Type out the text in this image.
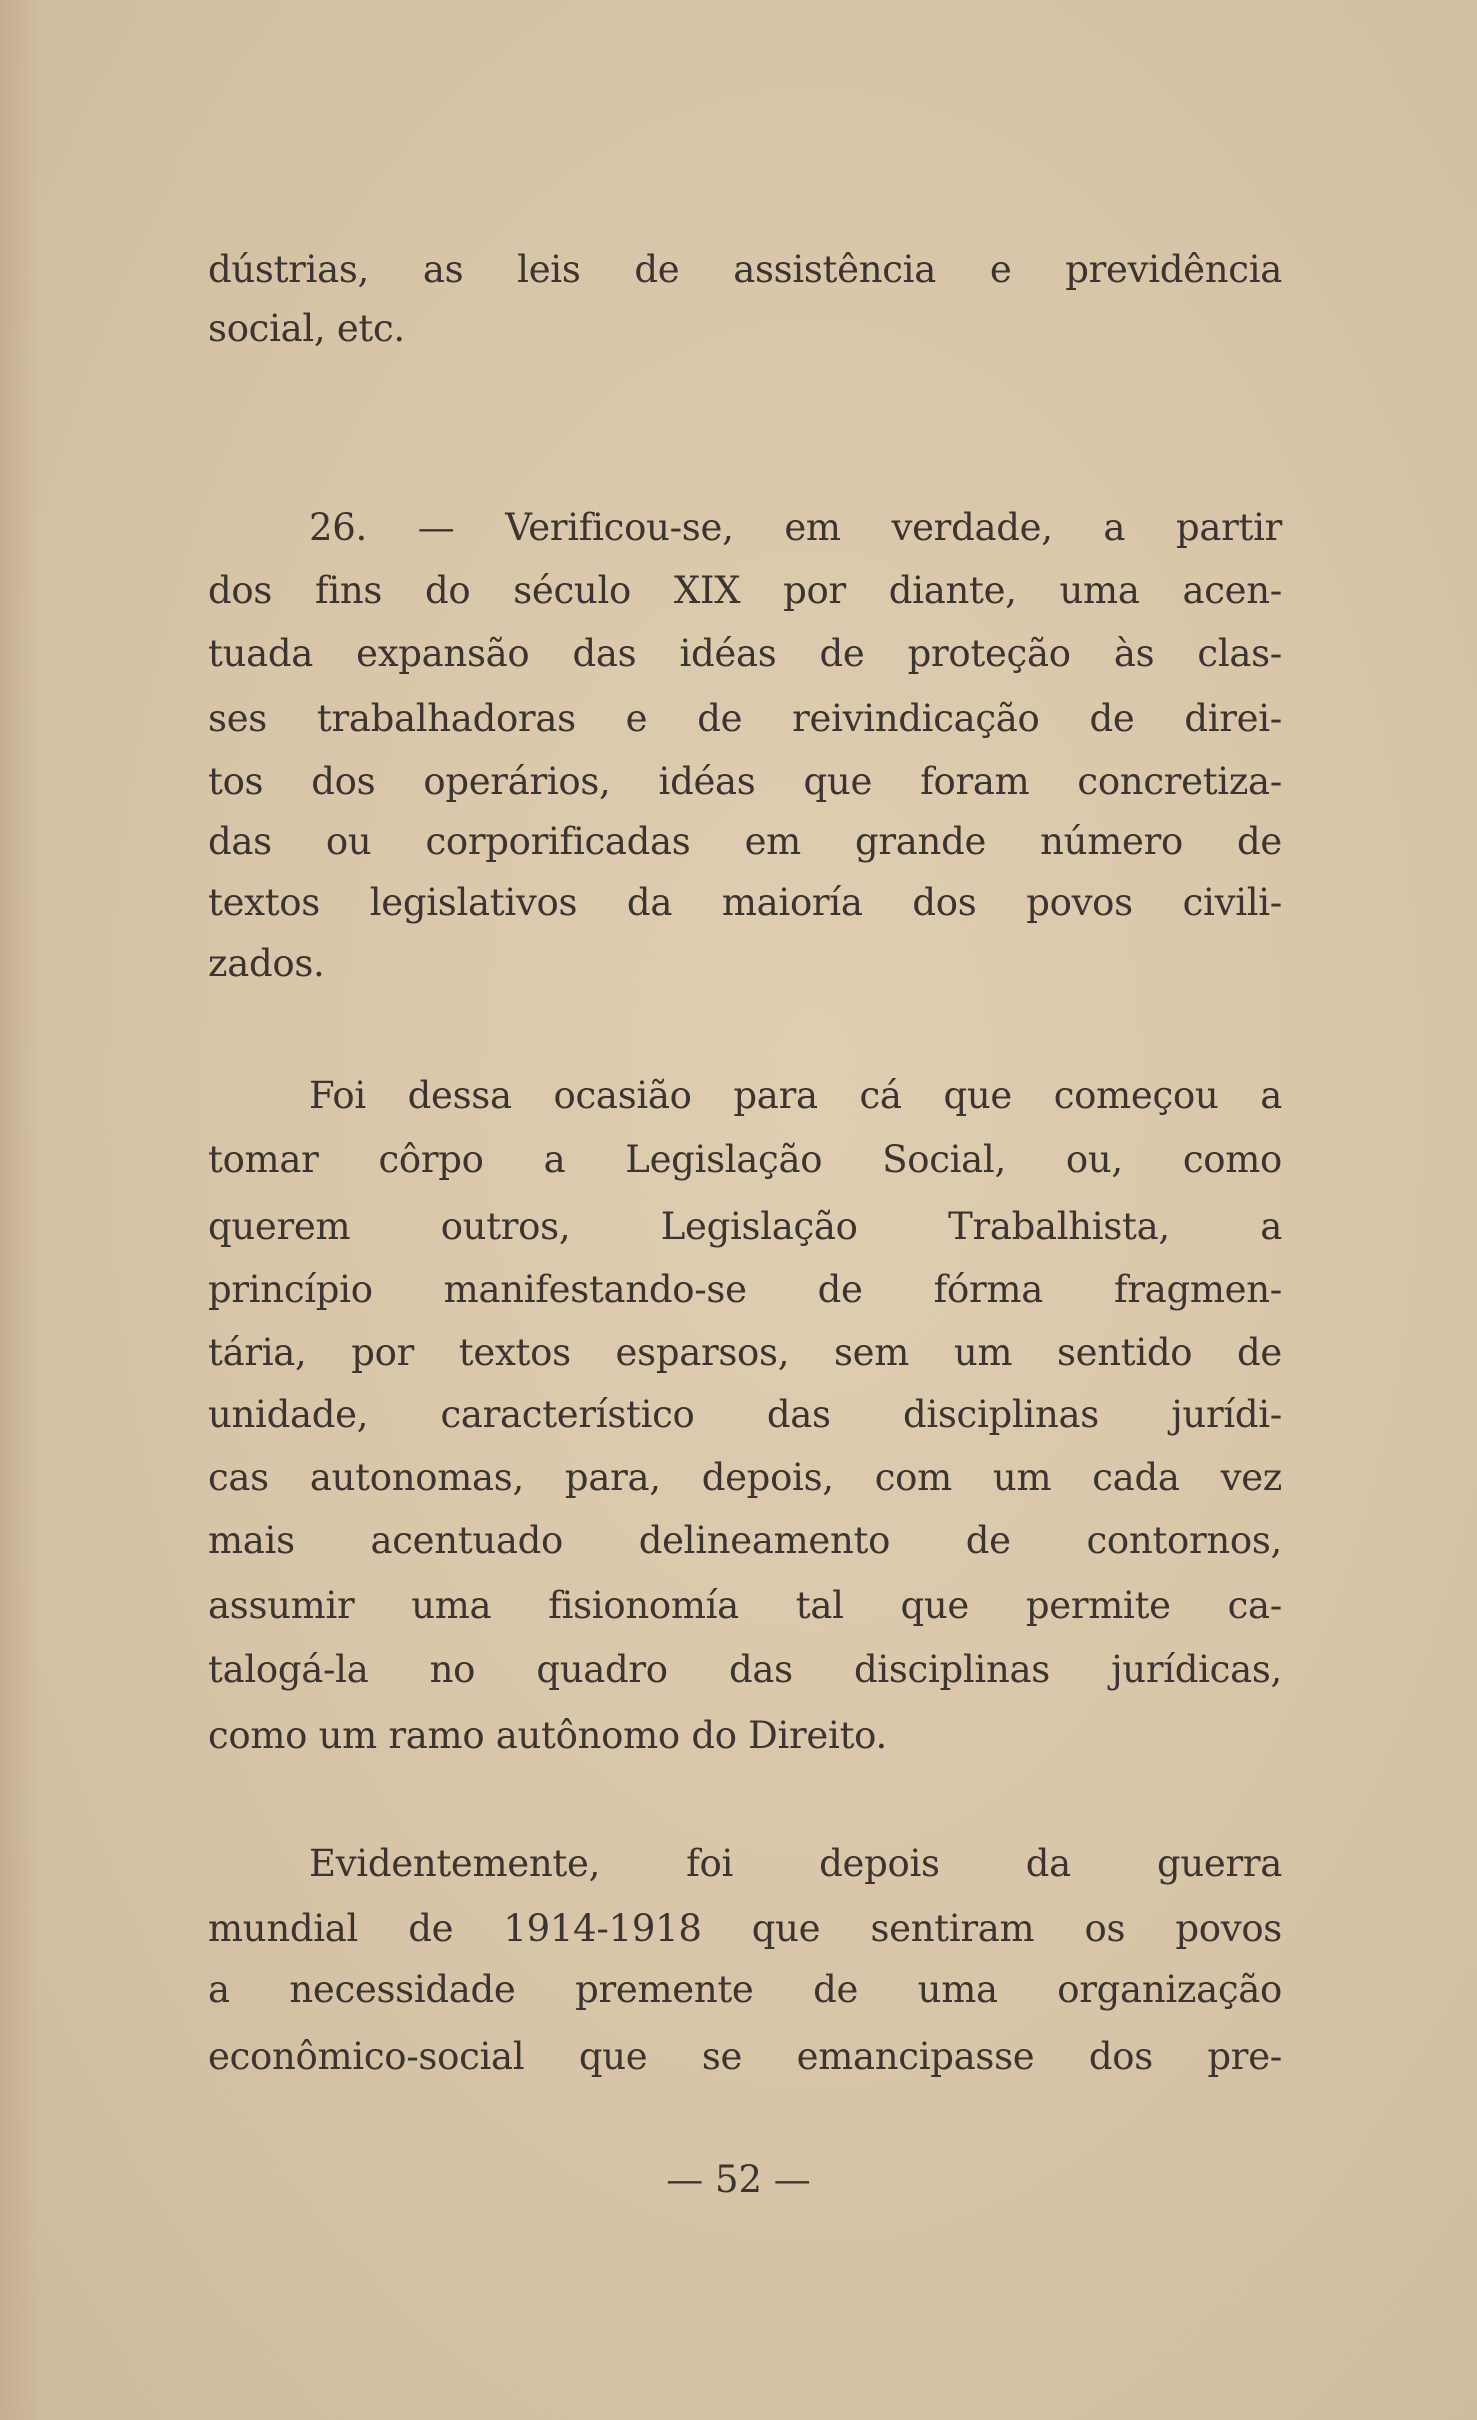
dústrias, as leis de assistência e previdência
social, etc.
26. — Verificou-se, em verdade, a partir
dos fins do século XIX por diante, uma acen-
tuada expansão das idéas de proteção às clas-
ses trabalhadoras e de reivindicação de direi-
tos dos operários, idéas que foram concretiza-
das ou corporificadas em grande número de
textos legislativos da maioría dos povos civili-
zados.
Foi dessa ocasião para cá que começou a
tomar côrpo a Legislação Social, ou, como
querem outros, Legislação Trabalhista, a
princípio manifestando-se de fórma fragmen-
tária, por textos esparsos, sem um sentido de
unidade, característico das disciplinas jurídi-
cas autonomas, para, depois, com um cada vez
mais acentuado delineamento de contornos,
assumir uma fisionomía tal que permite ca-
talogá-la no quadro das disciplinas jurídicas,
como um ramo autônomo do Direito.
Evidentemente, foi depois da guerra
mundial de 1914-1918 que sentiram os povos
a necessidade premente de uma organização
econômico-social que se emancipasse dos pre-
— 52 —
